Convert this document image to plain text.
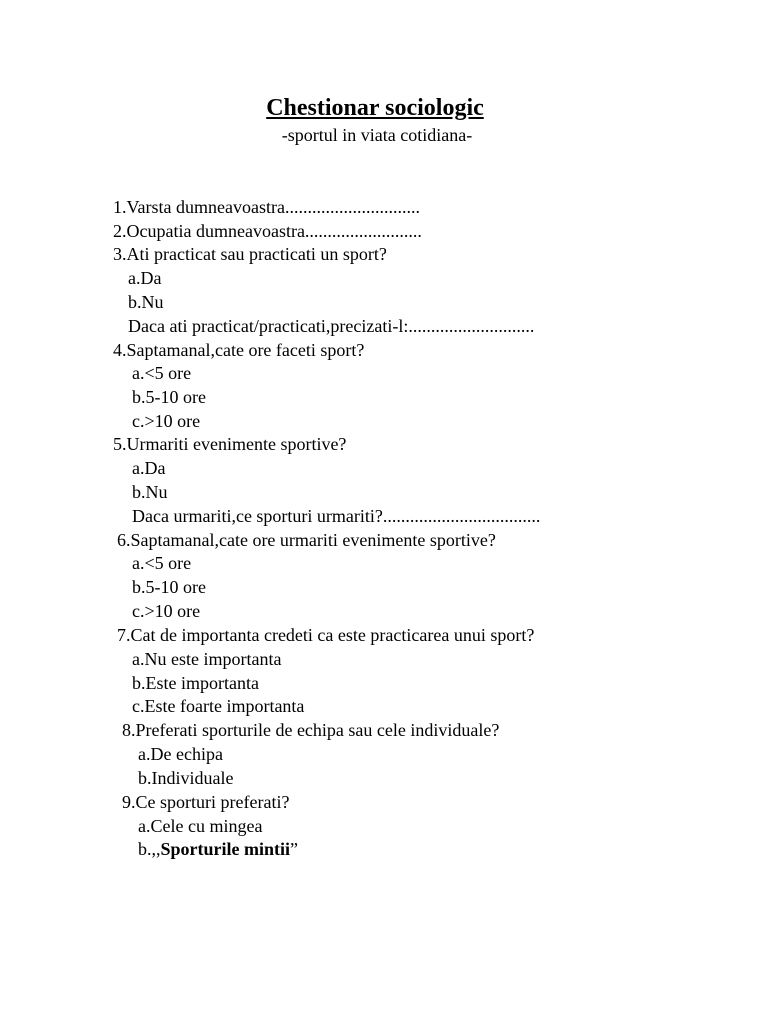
Chestionar sociologic
-sportul in viata cotidiana-
1.Varsta dumneavoastra..............................
2.Ocupatia dumneavoastra..........................
3.Ati practicat sau practicati un sport?
a.Da
b.Nu
Daca ati practicat/practicati,precizati-l:............................
4.Saptamanal,cate ore faceti sport?
a.<5 ore
b.5-10 ore
c.>10 ore
5.Urmariti evenimente sportive?
a.Da
b.Nu
Daca urmariti,ce sporturi urmariti?...................................
6.Saptamanal,cate ore urmariti evenimente sportive?
a.<5 ore
b.5-10 ore
c.>10 ore
7.Cat de importanta credeti ca este practicarea unui sport?
a.Nu este importanta
b.Este importanta
c.Este foarte importanta
8.Preferati sporturile de echipa sau cele individuale?
a.De echipa
b.Individuale
9.Ce sporturi preferati?
a.Cele cu mingea
b.,,Sporturile mintii”
